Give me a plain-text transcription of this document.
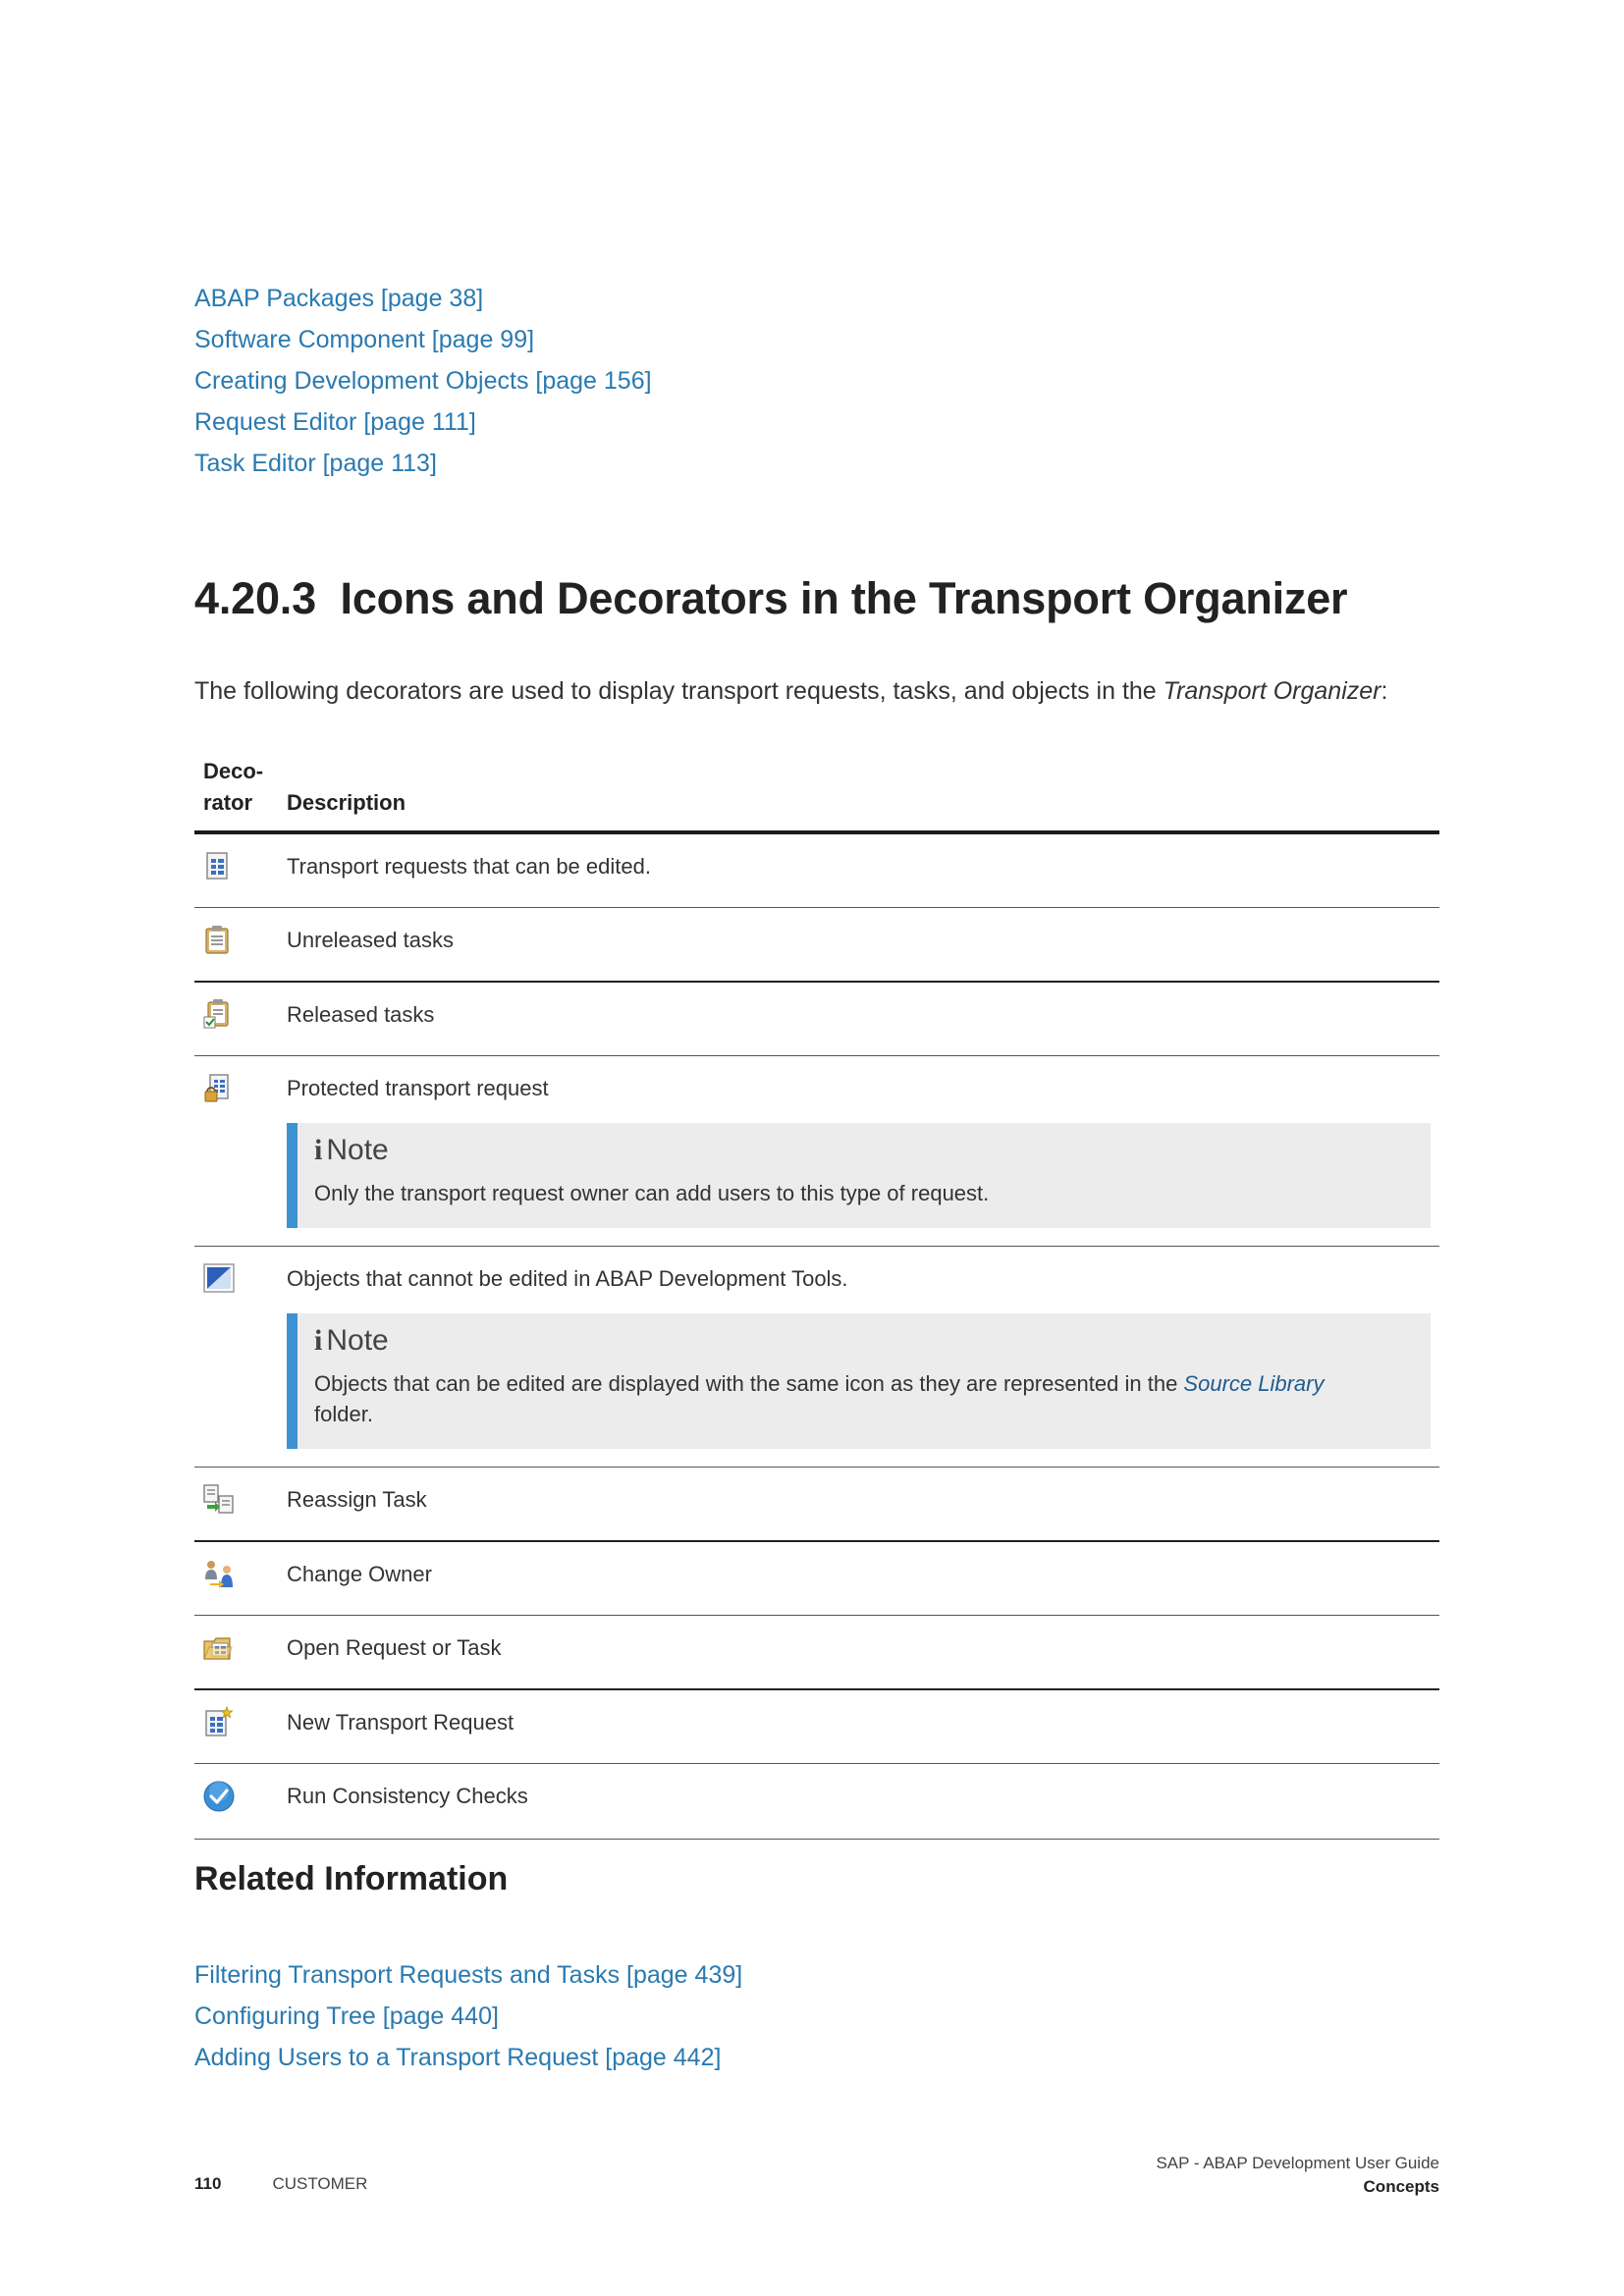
ABAP Packages [page 38]
Software Component [page 99]
Creating Development Objects [page 156]
Request Editor [page 111]
Task Editor [page 113]
4.20.3 Icons and Decorators in the Transport Organizer

The following decorators are used to display transport requests, tasks, and objects in the Transport Organizer:

Deco-
rator	Description
	Transport requests that can be edited.
	Unreleased tasks
	Released tasks

Protected transport request
i Note
Only the transport request owner can add users to this type of request.

Objects that cannot be edited in ABAP Development Tools.
i Note
Objects that can be edited are displayed with the same icon as they are represented in the Source Library
folder.

	Reassign Task
	Change Owner
	Open Request or Task
	New Transport Request
	Run Consistency Checks
Related Information
Filtering Transport Requests and Tasks [page 439]
Configuring Tree [page 440]
Adding Users to a Transport Request [page 442]
110	CUSTOMER
SAP - ABAP Development User Guide
Concepts
